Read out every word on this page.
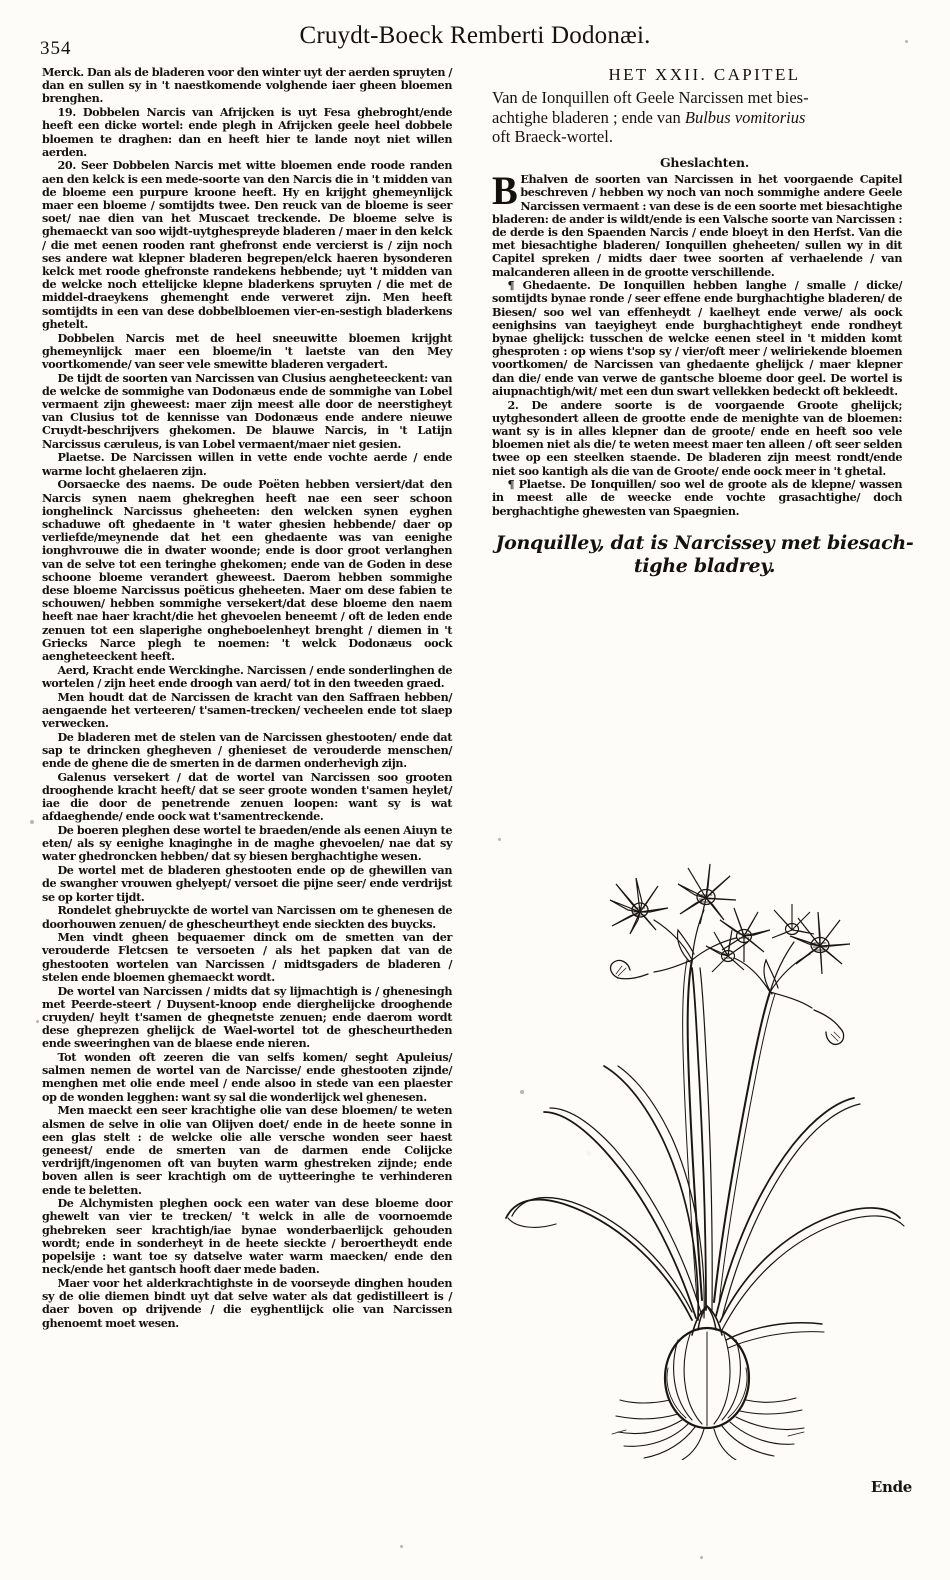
354	Cruydt-Boeck Remberti Dodonæi.

Merck. Dan als de bladeren voor den winter uyt der aerden spruyten / dan en sullen sy in 't naestkomende volghende iaer gheen bloemen brenghen.

19. Dobbelen Narcis van Afrijcken is uyt Fesa ghebroght/ende heeft een dicke wortel: ende plegh in Afrijcken geele heel dobbele bloemen te draghen: dan en heeft hier te lande noyt niet willen aerden.

20. Seer Dobbelen Narcis met witte bloemen ende roode randen aen den kelck is een mede-soorte van den Narcis die in 't midden van de bloeme een purpure kroone heeft. Hy en krijght ghemeynlijck maer een bloeme / somtijdts twee. Den reuck van de bloeme is seer soet/ nae dien van het Muscaet treckende. De bloeme selve is ghemaeckt van soo wijdt-uytghespreyde bladeren / maer in den kelck / die met eenen rooden rant ghefronst ende vercierst is / zijn noch ses andere wat klepner bladeren begrepen/elck haeren bysonderen kelck met roode ghefronste randekens hebbende; uyt 't midden van de welcke noch ettelijcke klepne bladerkens spruyten / die met de middel-draeykens ghemenght ende verweret zijn. Men heeft somtijdts in een van dese dobbelbloemen vier-en-sestigh bladerkens ghetelt.

Dobbelen Narcis met de heel sneeuwitte bloemen krijght ghemeynlijck maer een bloeme/in 't laetste van den Mey voortkomende/ van seer vele smewitte bladeren vergadert.

De tijdt de soorten van Narcissen van Clusius aengheteeckent: van de welcke de sommighe van Dodonæus ende de sommighe van Lobel vermaent zijn gheweest: maer zijn meest alle door de neerstigheyt van Clusius tot de kennisse van Dodonæus ende andere nieuwe Cruydt-beschrijvers ghekomen. De blauwe Narcis, in 't Latijn Narcissus cæruleus, is van Lobel vermaent/maer niet gesien.

Plaetse. De Narcissen willen in vette ende vochte aerde / ende warme locht ghelaeren zijn.

Oorsaecke des naems. De oude Poëten hebben versiert/dat den Narcis synen naem ghekreghen heeft nae een seer schoon ionghelinck Narcissus gheheeten: den welcken synen eyghen schaduwe oft ghedaente in 't water ghesien hebbende/ daer op verliefde/meynende dat het een ghedaente was van eenighe ionghvrouwe die in dwater woonde; ende is door groot verlanghen van de selve tot een teringhe ghekomen; ende van de Goden in dese schoone bloeme verandert gheweest. Daerom hebben sommighe dese bloeme Narcissus poëticus gheheeten. Maer om dese fabien te schouwen/ hebben sommighe versekert/dat dese bloeme den naem heeft nae haer kracht/die het ghevoelen beneemt / oft de leden ende zenuen tot een slaperighe ongheboelenheyt brenght / diemen in 't Griecks Narce plegh te noemen: 't welck Dodonæus oock aengheteeckent heeft.

Aerd, Kracht ende Werckinghe. Narcissen / ende sonderlinghen de wortelen / zijn heet ende droogh van aerd/ tot in den tweeden graed.

Men houdt dat de Narcissen de kracht van den Saffraen hebben/ aengaende het verteeren/ t'samen-trecken/ vecheelen ende tot slaep verwecken.

De bladeren met de stelen van de Narcissen ghestooten/ ende dat sap te drincken ghegheven / ghenieset de verouderde menschen/ ende de ghene die de smerten in de darmen onderhevigh zijn.

Galenus versekert / dat de wortel van Narcissen soo grooten drooghende kracht heeft/ dat se seer groote wonden t'samen heylet/ iae die door de penetrende zenuen loopen: want sy is wat afdaeghende/ ende oock wat t'samentreckende.

De boeren pleghen dese wortel te braeden/ende als eenen Aiuyn te eten/ als sy eenighe knaginghe in de maghe ghevoelen/ nae dat sy water ghedroncken hebben/ dat sy biesen berghachtighe wesen.

De wortel met de bladeren ghestooten ende op de ghewillen van de swangher vrouwen ghelyept/ versoet die pijne seer/ ende verdrijst se op korter tijdt.

Rondelet ghebruyckte de wortel van Narcissen om te ghenesen de doorhouwen zenuen/ de ghescheurtheyt ende sieckten des buycks.

Men vindt gheen bequaemer dinck om de smetten van der verouderde Fletcsen te versoeten / als het papken dat van de ghestooten wortelen van Narcissen / midtsgaders de bladeren / stelen ende bloemen ghemaeckt wordt.

De wortel van Narcissen / midts dat sy lijmachtigh is / ghenesingh met Peerde-steert / Duysent-knoop ende dierghelijcke drooghende cruyden/ heylt t'samen de gheqnetste zenuen; ende daerom wordt dese gheprezen ghelijck de Wael-wortel tot de ghescheurtheden ende sweeringhen van de blaese ende nieren.

Tot wonden oft zeeren die van selfs komen/ seght Apuleius/ salmen nemen de wortel van de Narcisse/ ende ghestooten zijnde/ menghen met olie ende meel / ende alsoo in stede van een plaester op de wonden legghen: want sy sal die wonderlijck wel ghenesen.

Men maeckt een seer krachtighe olie van dese bloemen/ te weten alsmen de selve in olie van Olijven doet/ ende in de heete sonne in een glas stelt : de welcke olie alle versche wonden seer haest geneest/ ende de smerten van de darmen ende Colijcke verdrijft/ingenomen oft van buyten warm ghestreken zijnde; ende boven allen is seer krachtigh om de uytteeringhe te verhinderen ende te beletten.

De Alchymisten pleghen oock een water van dese bloeme door ghewelt van vier te trecken/ 't welck in alle de voornoemde ghebreken seer krachtigh/iae bynae wonderbaerlijck gehouden wordt; ende in sonderheyt in de heete sieckte / beroertheydt ende popelsije : want toe sy datselve water warm maecken/ ende den neck/ende het gantsch hooft daer mede baden.

Maer voor het alderkrachtighste in de voorseyde dinghen houden sy de olie diemen bindt uyt dat selve water als dat gedistilleert is / daer boven op drijvende / die eyghentlijck olie van Narcissen ghenoemt moet wesen.

HET XXII. CAPITEL
Van de Ionquillen oft Geele Narcissen met bies-
achtighe bladeren ; ende van Bulbus vomitorius
oft Braeck-wortel.
Gheslachten.

B Ehalven de soorten van Narcissen in het voorgaende Capitel beschreven / hebben wy noch van noch sommighe andere Geele Narcissen vermaent : van dese is de een soorte met biesachtighe bladeren: de ander is wildt/ende is een Valsche soorte van Narcissen : de derde is den Spaenden Narcis / ende bloeyt in den Herfst. Van die met biesachtighe bladeren/ Ionquillen gheheeten/ sullen wy in dit Capitel spreken / midts daer twee soorten af verhaelende / van malcanderen alleen in de grootte verschillende.

¶ Ghedaente. De Ionquillen hebben langhe / smalle / dicke/ somtijdts bynae ronde / seer effene ende burghachtighe bladeren/ de Biesen/ soo wel van effenheydt / kaelheyt ende verwe/ als oock eenighsins van taeyigheyt ende burghachtigheyt ende rondheyt bynae ghelijck: tusschen de welcke eenen steel in 't midden komt ghesproten : op wiens t'sop sy / vier/oft meer / weliriekende bloemen voortkomen/ de Narcissen van ghedaente ghelijck / maer klepner dan die/ ende van verwe de gantsche bloeme door geel. De wortel is aiupnachtigh/wit/ met een dun swart vellekken bedeckt oft bekleedt.

2. De andere soorte is de voorgaende Groote ghelijck; uytghesondert alleen de grootte ende de menighte van de bloemen: want sy is in alles klepner dan de groote/ ende en heeft soo vele bloemen niet als die/ te weten meest maer ten alleen / oft seer selden twee op een steelken staende. De bladeren zijn meest rondt/ende niet soo kantigh als die van de Groote/ ende oock meer in 't ghetal.

¶ Plaetse. De Ionquillen/ soo wel de groote als de klepne/ wassen in meest alle de weecke ende vochte grasachtighe/ doch berghachtighe ghewesten van Spaegnien.

Jonquilley, dat is Narcissey met biesach-
tighe bladrey.
Ende
